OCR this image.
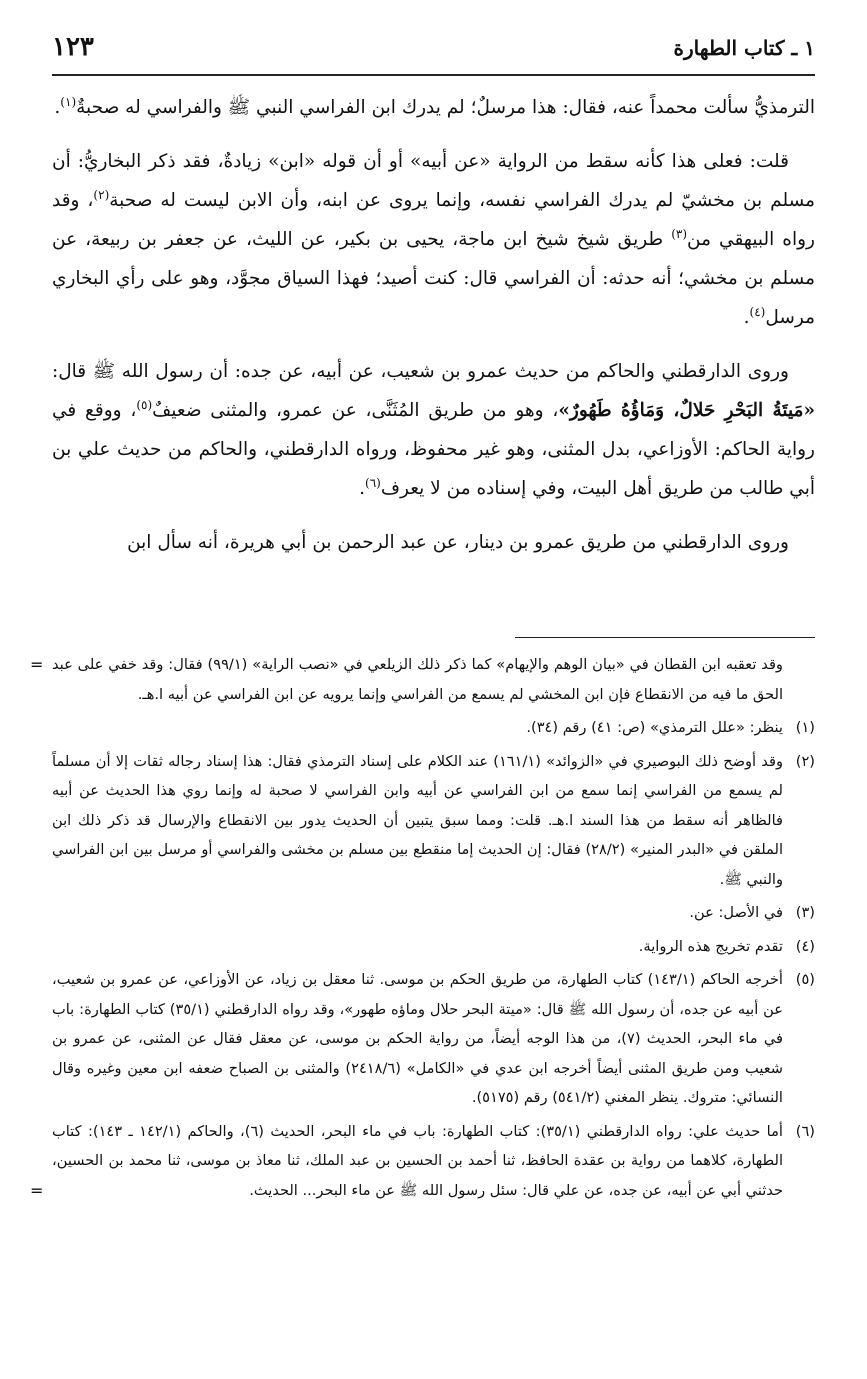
١ ـ كتاب الطهارة
١٢٣

الترمذيُّ سألت محمداً عنه، فقال: هذا مرسلٌ؛ لم يدرك ابن الفراسي النبي ﷺ والفراسي له صحبةٌ$^{(١)}$.

قلت: فعلى هذا كأنه سقط من الرواية «عن أبيه» أو أن قوله «ابن» زيادةٌ، فقد ذكر البخاريُّ: أن مسلم بن مخشيّ لم يدرك الفراسي نفسه، وإنما يروى عن ابنه، وأن الابن ليست له صحبة$^{(٢)}$، وقد رواه البيهقي من$^{(٣)}$ طريق شيخ شيخ ابن ماجة، يحيى بن بكير، عن الليث، عن جعفر بن ربيعة، عن مسلم بن مخشي؛ أنه حدثه: أن الفراسي قال: كنت أصيد؛ فهذا السياق مجوَّد، وهو على رأي البخاري مرسل$^{(٤)}$.

وروى الدارقطني والحاكم من حديث عمرو بن شعيب، عن أبيه، عن جده: أن رسول الله ﷺ قال: «مَيتَةُ البَحْرِ حَلالٌ، وَمَاؤُهُ طَهُورٌ»، وهو من طريق المُثَنَّى، عن عمرو، والمثنى ضعيفٌ$^{(٥)}$، ووقع في رواية الحاكم: الأوزاعي، بدل المثنى، وهو غير محفوظ، ورواه الدارقطني، والحاكم من حديث علي بن أبي طالب من طريق أهل البيت، وفي إسناده من لا يعرف$^{(٦)}$.

وروى الدارقطني من طريق عمرو بن دينار، عن عبد الرحمن بن أبي هريرة، أنه سأل ابن

= وقد تعقبه ابن القطان في «بيان الوهم والإيهام» كما ذكر ذلك الزيلعي في «نصب الراية» (٩٩/١) فقال: وقد خفي على عبد الحق ما فيه من الانقطاع فإن ابن المخشي لم يسمع من الفراسي وإنما يرويه عن ابن الفراسي عن أبيه ا.هـ.
(١)
ينظر: «علل الترمذي» (ص: ٤١) رقم (٣٤).
(٢)
وقد أوضح ذلك البوصيري في «الزوائد» (١٦١/١) عند الكلام على إسناد الترمذي فقال: هذا إسناد رجاله ثقات إلا أن مسلماً لم يسمع من الفراسي إنما سمع من ابن الفراسي عن أبيه وابن الفراسي لا صحبة له وإنما روي هذا الحديث عن أبيه فالظاهر أنه سقط من هذا السند ا.هـ. قلت: ومما سبق يتبين أن الحديث يدور بين الانقطاع والإرسال قد ذكر ذلك ابن الملقن في «البدر المنير» (٢٨/٢) فقال: إن الحديث إما منقطع بين مسلم بن مخشى والفراسي أو مرسل بين ابن الفراسي والنبي ﷺ.
(٣)
في الأصل: عن.
(٤)
تقدم تخريج هذه الرواية.
(٥)
أخرجه الحاكم (١٤٣/١) كتاب الطهارة، من طريق الحكم بن موسى. ثنا معقل بن زياد، عن الأوزاعي، عن عمرو بن شعيب، عن أبيه عن جده، أن رسول الله ﷺ قال: «ميتة البحر حلال وماؤه طهور»، وقد رواه الدارقطني (٣٥/١) كتاب الطهارة: باب في ماء البحر، الحديث (٧)، من هذا الوجه أيضاً، من رواية الحكم بن موسى، عن معقل فقال عن المثنى، عن عمرو بن شعيب ومن طريق المثنى أيضاً أخرجه ابن عدي في «الكامل» (٢٤١٨/٦) والمثنى بن الصباح ضعفه ابن معين وغيره وقال النسائي: متروك. ينظر المغني (٥٤١/٢) رقم (٥١٧٥).
(٦)
أما حديث علي: رواه الدارقطني (٣٥/١): كتاب الطهارة: باب في ماء البحر، الحديث (٦)، والحاكم (١٤٢/١ ـ ١٤٣): كتاب الطهارة، كلاهما من رواية بن عقدة الحافظ، ثنا أحمد بن الحسين بن عبد الملك، ثنا معاذ بن موسى، ثنا محمد بن الحسين، حدثني أبي عن أبيه، عن جده، عن علي قال: سئل رسول الله ﷺ عن ماء البحر... الحديث.
=
